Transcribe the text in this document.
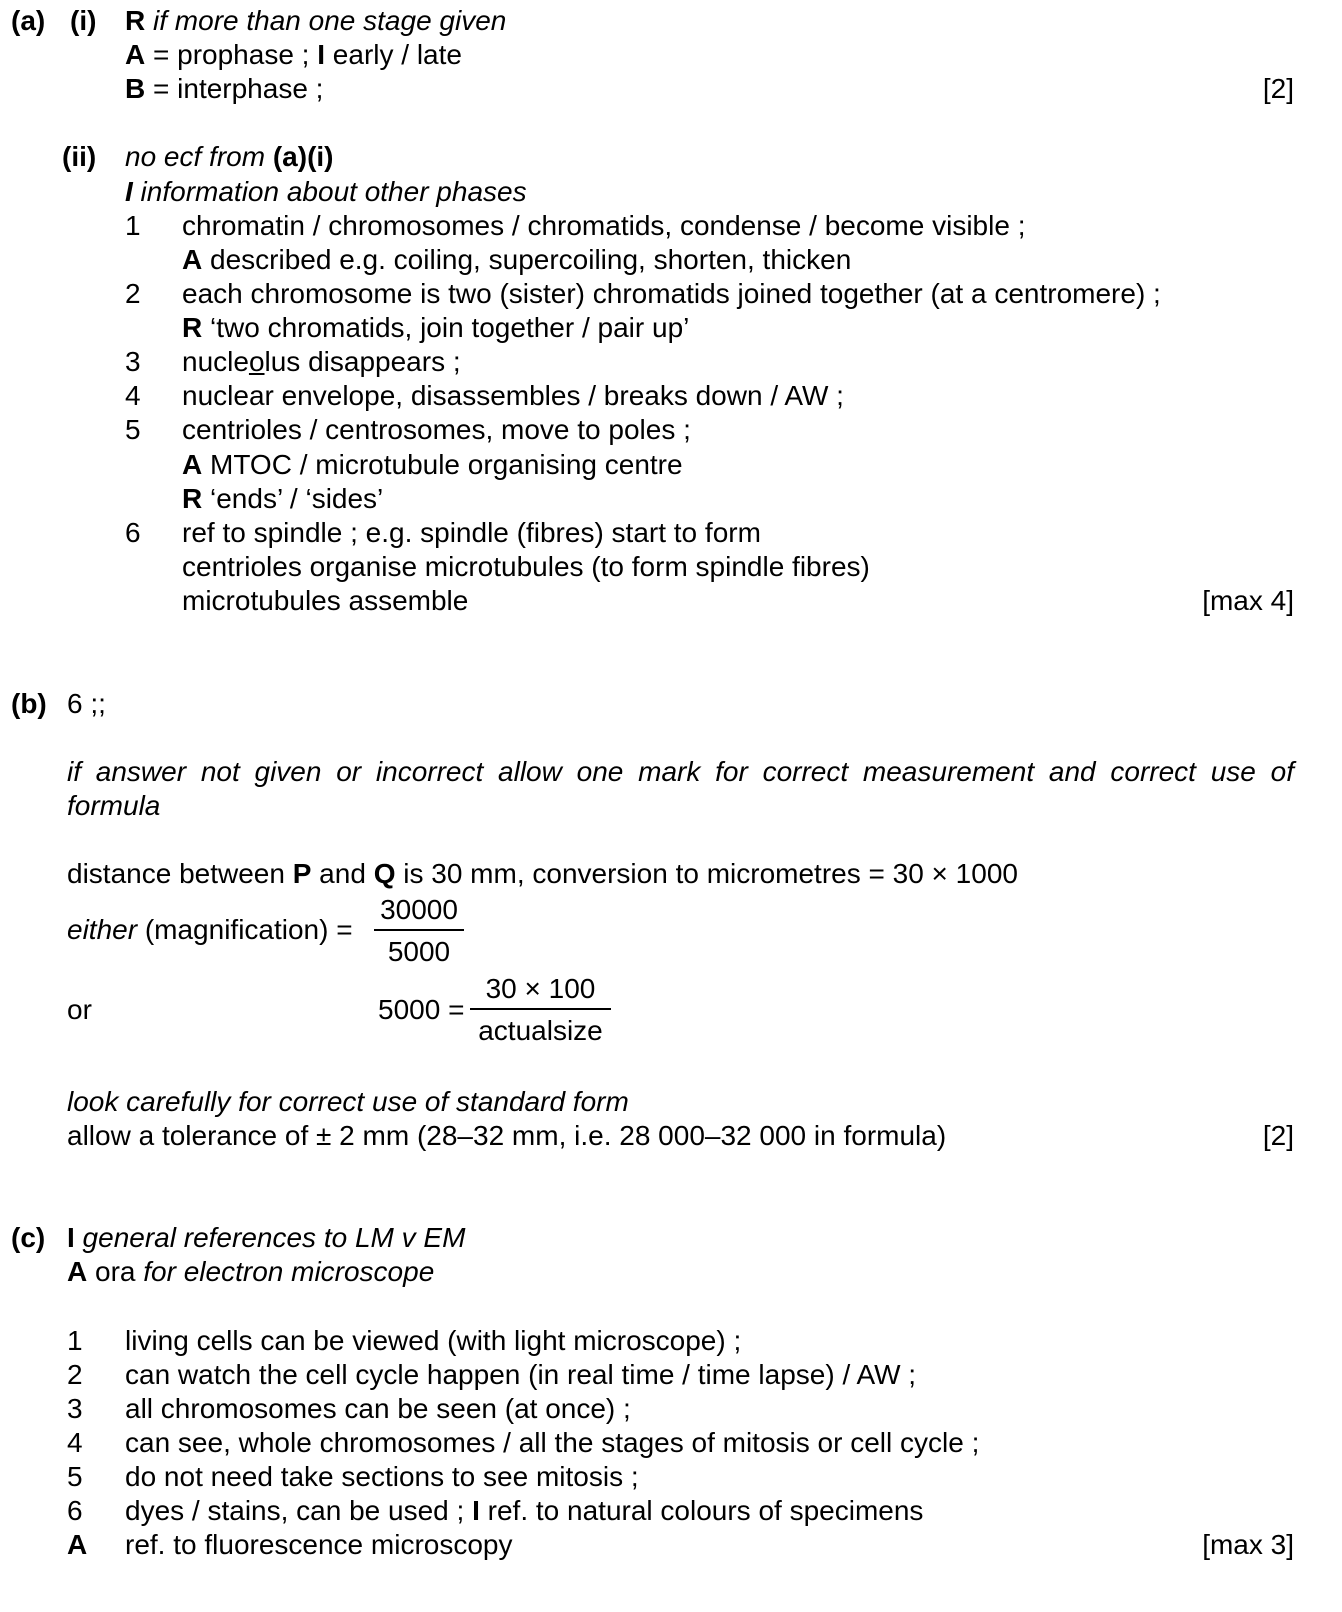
(a) (i) R if more than one stage given
A = prophase ; I early / late
B = interphase ;	[2]
(ii) no ecf from (a)(i)
I information about other phases
1 chromatin / chromosomes / chromatids, condense / become visible ;
A described e.g. coiling, supercoiling, shorten, thicken
2 each chromosome is two (sister) chromatids joined together (at a centromere) ;
R ‘two chromatids, join together / pair up’
3 nucleolus disappears ;
4 nuclear envelope, disassembles / breaks down / AW ;
5 centrioles / centrosomes, move to poles ;
A MTOC / microtubule organising centre
R ‘ends’ / ‘sides’
6 ref to spindle ; e.g. spindle (fibres) start to form
centrioles organise microtubules (to form spindle fibres)
microtubules assemble	[max 4]
(b) 6 ;;
if answer not given or incorrect allow one mark for correct measurement and correct use of
formula
distance between P and Q is 30 mm, conversion to micrometres = 30 × 1000
either (magnification) =
30000
5000
or	5000 =
30 × 100
actualsize
look carefully for correct use of standard form
allow a tolerance of ± 2 mm (28–32 mm, i.e. 28 000–32 000 in formula)	[2]
(c) I general references to LM v EM
A ora for electron microscope
1 living cells can be viewed (with light microscope) ;
2 can watch the cell cycle happen (in real time / time lapse) / AW ;
3 all chromosomes can be seen (at once) ;
4 can see, whole chromosomes / all the stages of mitosis or cell cycle ;
5 do not need take sections to see mitosis ;
6 dyes / stains, can be used ; I ref. to natural colours of specimens
A ref. to fluorescence microscopy	[max 3]
